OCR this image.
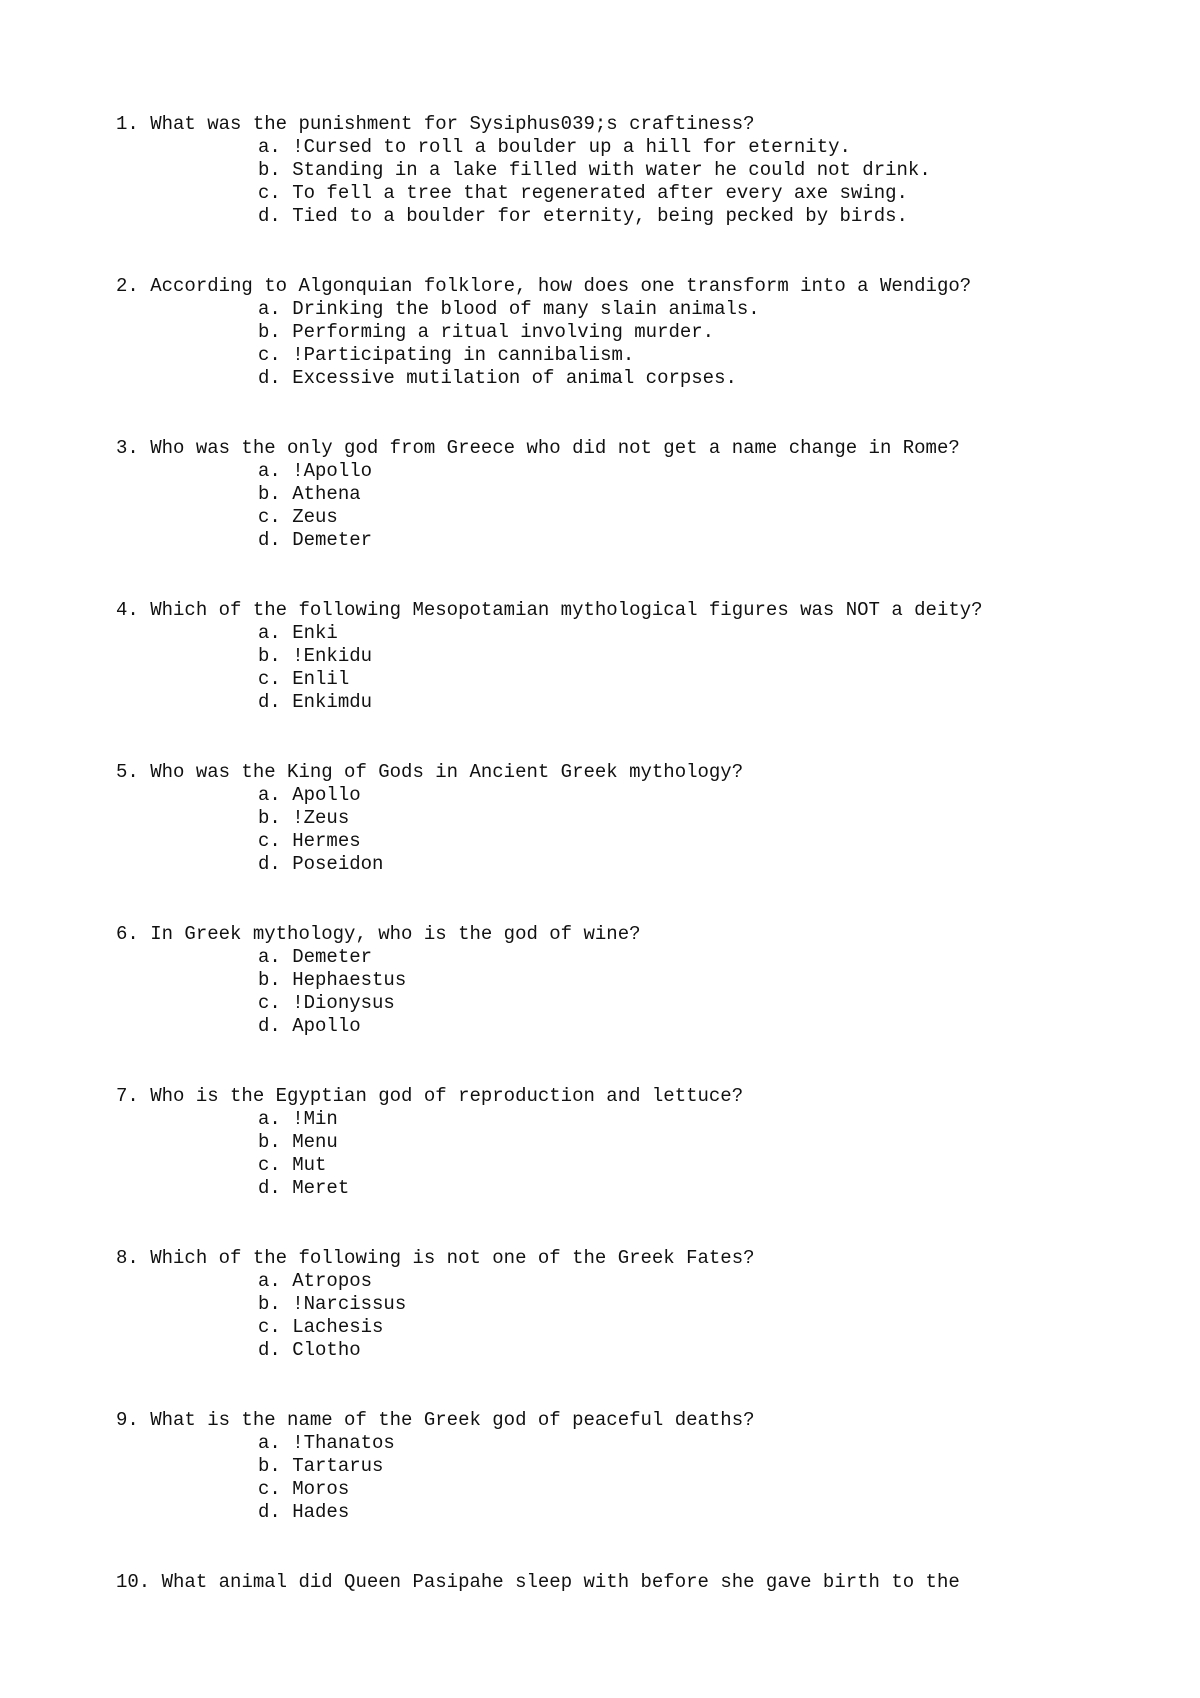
1. What was the punishment for Sysiphus039;s craftiness?
a. !Cursed to roll a boulder up a hill for eternity.
b. Standing in a lake filled with water he could not drink.
c. To fell a tree that regenerated after every axe swing.
d. Tied to a boulder for eternity, being pecked by birds.
2. According to Algonquian folklore, how does one transform into a Wendigo?
a. Drinking the blood of many slain animals.
b. Performing a ritual involving murder.
c. !Participating in cannibalism.
d. Excessive mutilation of animal corpses.
3. Who was the only god from Greece who did not get a name change in Rome?
a. !Apollo
b. Athena
c. Zeus
d. Demeter
4. Which of the following Mesopotamian mythological figures was NOT a deity?
a. Enki
b. !Enkidu
c. Enlil
d. Enkimdu
5. Who was the King of Gods in Ancient Greek mythology?
a. Apollo
b. !Zeus
c. Hermes
d. Poseidon
6. In Greek mythology, who is the god of wine?
a. Demeter
b. Hephaestus
c. !Dionysus
d. Apollo
7. Who is the Egyptian god of reproduction and lettuce?
a. !Min
b. Menu
c. Mut
d. Meret
8. Which of the following is not one of the Greek Fates?
a. Atropos
b. !Narcissus
c. Lachesis
d. Clotho
9. What is the name of the Greek god of peaceful deaths?
a. !Thanatos
b. Tartarus
c. Moros
d. Hades
10. What animal did Queen Pasipahe sleep with before she gave birth to the
